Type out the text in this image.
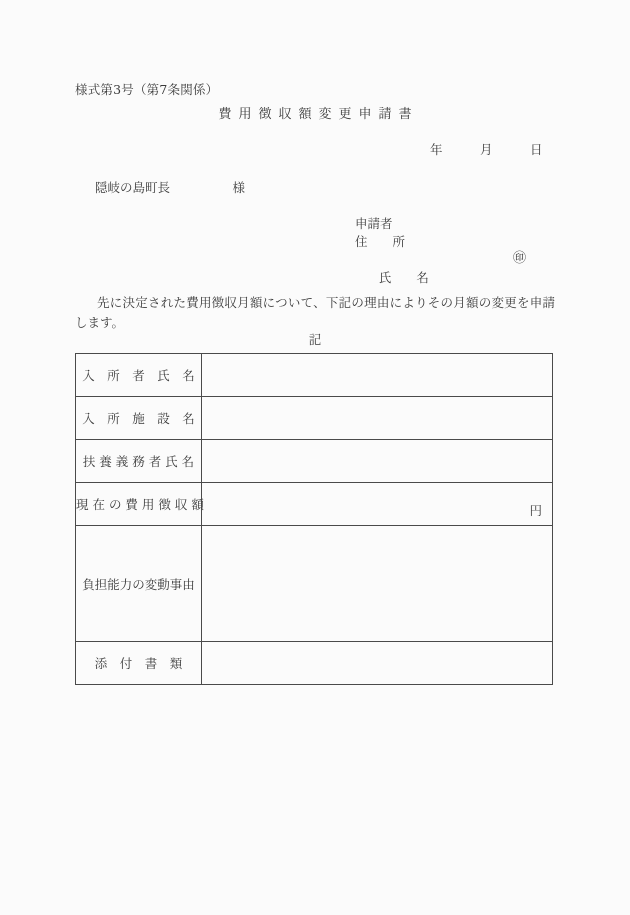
様式第3号（第7条関係）
費用徴収額変更申請書
年　　　月　　　日
隠岐の島町長　　　　　様
申請者
住　　所

氏　　名

㊞

先に決定された費用徴収月額について、下記の理由によりその月額の変更を申請します。
記
入　所　者　氏　名	

入　所　施　設　名	

扶 養 義 務 者 氏 名	

現 在 の 費 用 徴 収 額	円

負担能力の変動事由	

添　付　書　類	
